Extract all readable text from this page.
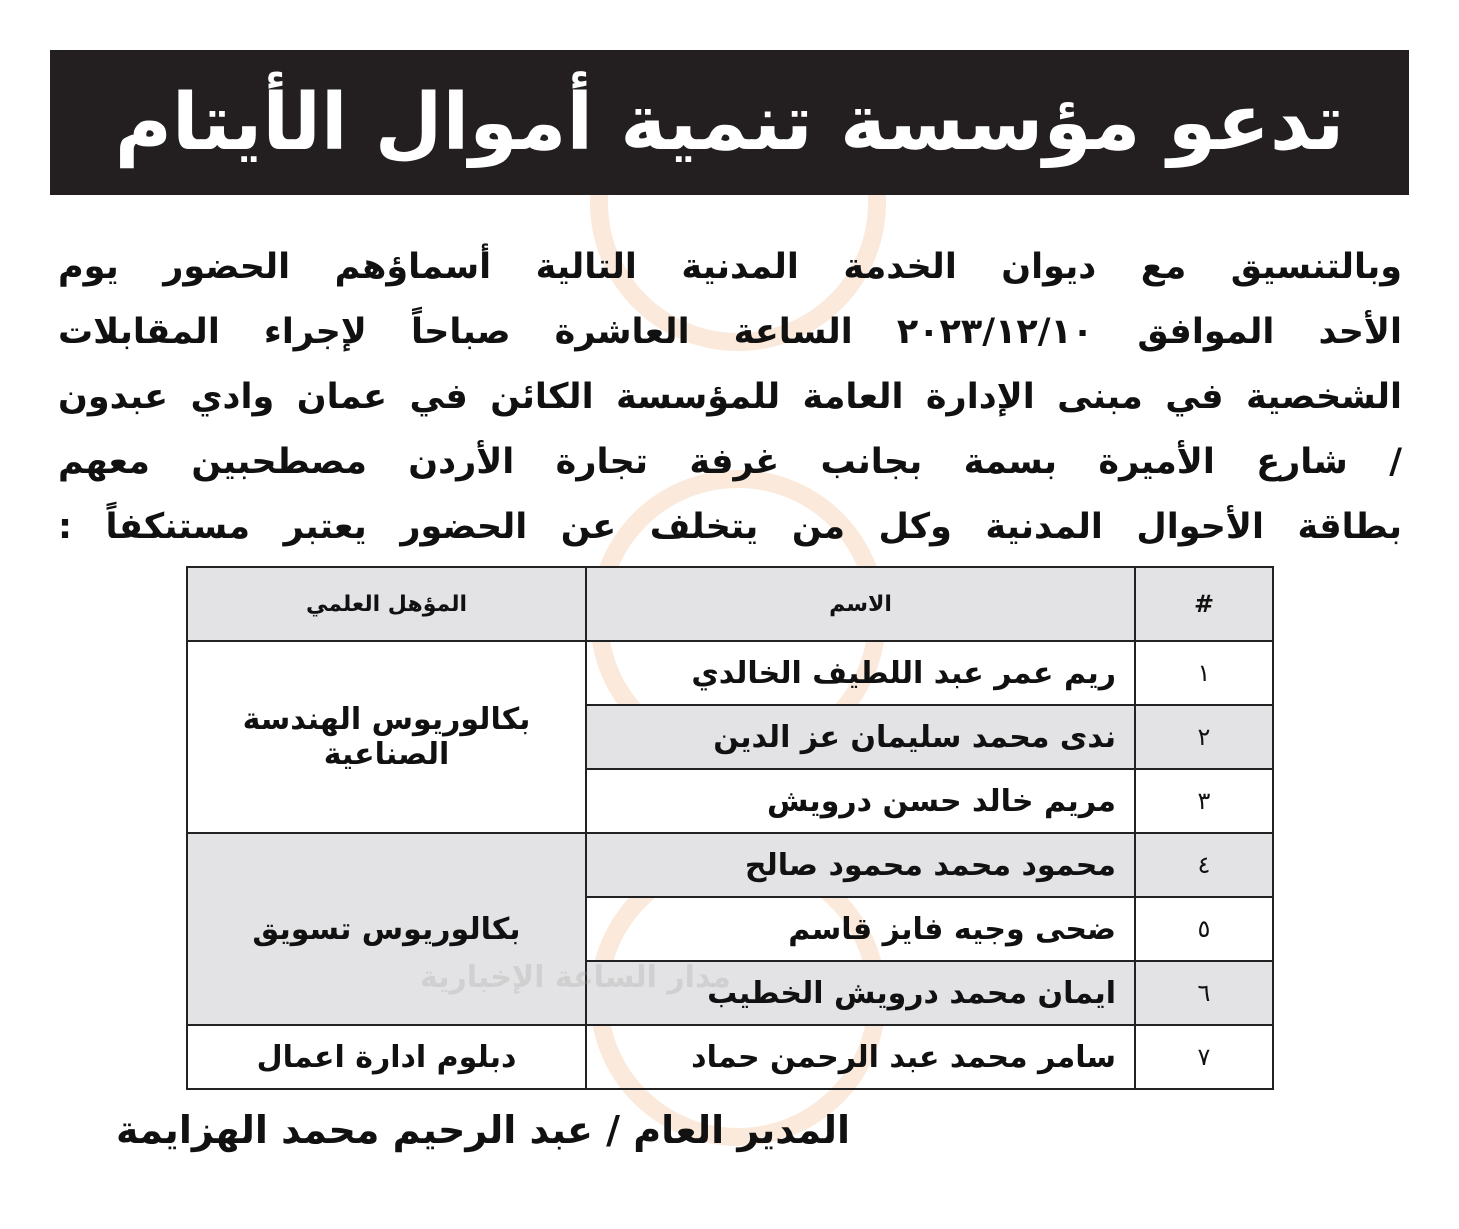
تدعو مؤسسة تنمية أموال الأيتام
وبالتنسيق مع ديوان الخدمة المدنية التالية أسماؤهم الحضور يوم
الأحد الموافق ٢٠٢٣/١٢/١٠ الساعة العاشرة صباحاً لإجراء المقابلات
الشخصية في مبنى الإدارة العامة للمؤسسة الكائن في عمان وادي عبدون
/ شارع الأميرة بسمة بجانب غرفة تجارة الأردن مصطحبين معهم
بطاقة الأحوال المدنية وكل من يتخلف عن الحضور يعتبر مستنكفاً :
#	الاسم	المؤهل العلمي
١	ريم عمر عبد اللطيف الخالدي	بكالوريوس الهندسة الصناعية
٢	ندى محمد سليمان عز الدين	
٣	مريم خالد حسن درويش	
٤	محمود محمد محمود صالح	بكالوريوس تسويق
٥	ضحى وجيه فايز قاسم	
٦	ايمان محمد درويش الخطيب	
٧	سامر محمد عبد الرحمن حماد	دبلوم ادارة اعمال
مدار الساعة الإخبارية
المدير العام / عبد الرحيم محمد الهزايمة
